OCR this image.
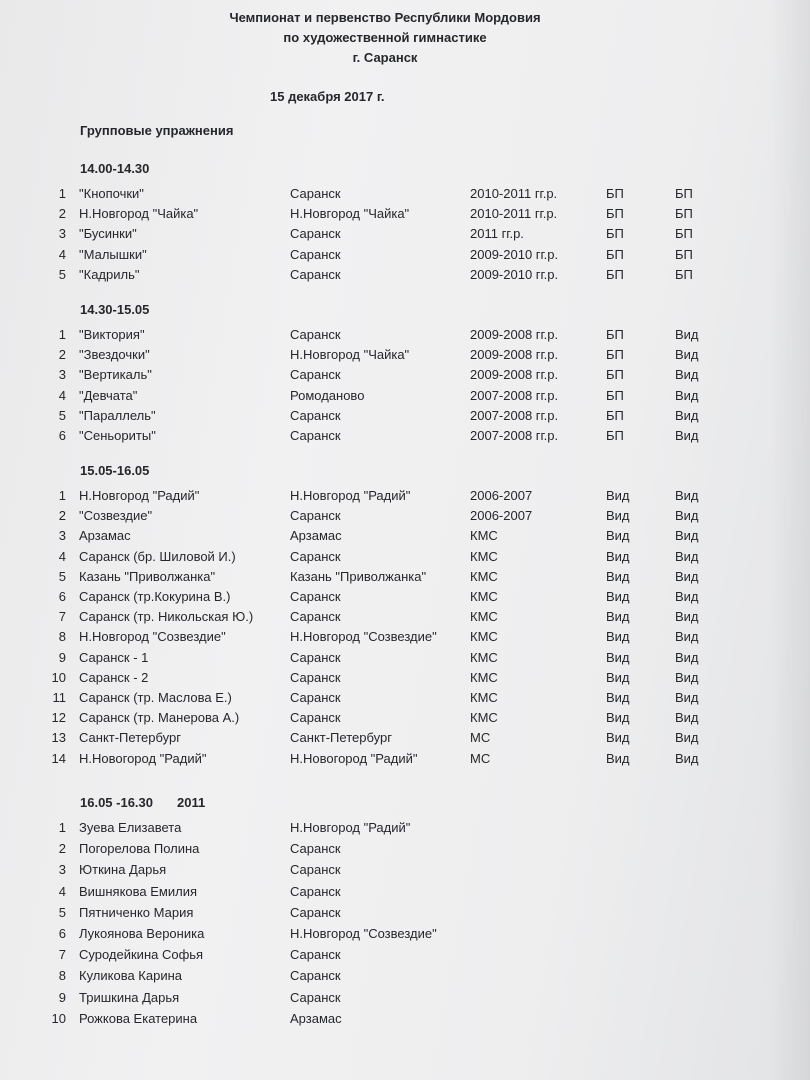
Чемпионат и первенство Республики Мордовия
по художественной гимнастике
г. Саранск
15 декабря 2017 г.
Групповые упражнения
14.00-14.30
1 "Кнопочки"	Саранск	2010-2011 гг.р.	БП	БП
2 Н.Новгород "Чайка"	Н.Новгород "Чайка"	2010-2011 гг.р.	БП	БП
3 "Бусинки"	Саранск	2011 гг.р.	БП	БП
4 "Малышки"	Саранск	2009-2010 гг.р.	БП	БП
5 "Кадриль"	Саранск	2009-2010 гг.р.	БП	БП
14.30-15.05
1 "Виктория"	Саранск	2009-2008 гг.р.	БП	Вид
2 "Звездочки"	Н.Новгород "Чайка"	2009-2008 гг.р.	БП	Вид
3 "Вертикаль"	Саранск	2009-2008 гг.р.	БП	Вид
4 "Девчата"	Ромоданово	2007-2008 гг.р.	БП	Вид
5 "Параллель"	Саранск	2007-2008 гг.р.	БП	Вид
6 "Сеньориты"	Саранск	2007-2008 гг.р.	БП	Вид
15.05-16.05
1 Н.Новгород "Радий"	Н.Новгород "Радий"	2006-2007	Вид	Вид
2 "Созвездие"	Саранск	2006-2007	Вид	Вид
3 Арзамас	Арзамас	КМС	Вид	Вид
4 Саранск (бр. Шиловой И.)	Саранск	КМС	Вид	Вид
5 Казань "Приволжанка"	Казань "Приволжанка"	КМС	Вид	Вид
6 Саранск (тр.Кокурина В.)	Саранск	КМС	Вид	Вид
7 Саранск (тр. Никольская Ю.)	Саранск	КМС	Вид	Вид
8 Н.Новгород "Созвездие"	Н.Новгород "Созвездие"	КМС	Вид	Вид
9 Саранск - 1	Саранск	КМС	Вид	Вид
10 Саранск - 2	Саранск	КМС	Вид	Вид
11 Саранск (тр. Маслова Е.)	Саранск	КМС	Вид	Вид
12 Саранск (тр. Манерова А.)	Саранск	КМС	Вид	Вид
13 Санкт-Петербург	Санкт-Петербург	МС	Вид	Вид
14 Н.Новогород "Радий"	Н.Новогород "Радий"	МС	Вид	Вид
16.05 -16.30 2011
1 Зуева Елизавета	Н.Новгород "Радий"
2 Погорелова Полина	Саранск
3 Юткина Дарья	Саранск
4 Вишнякова Емилия	Саранск
5 Пятниченко Мария	Саранск
6 Лукоянова Вероника	Н.Новгород "Созвездие"
7 Суродейкина Софья	Саранск
8 Куликова Карина	Саранск
9 Тришкина Дарья	Саранск
10 Рожкова Екатерина	Арзамас
